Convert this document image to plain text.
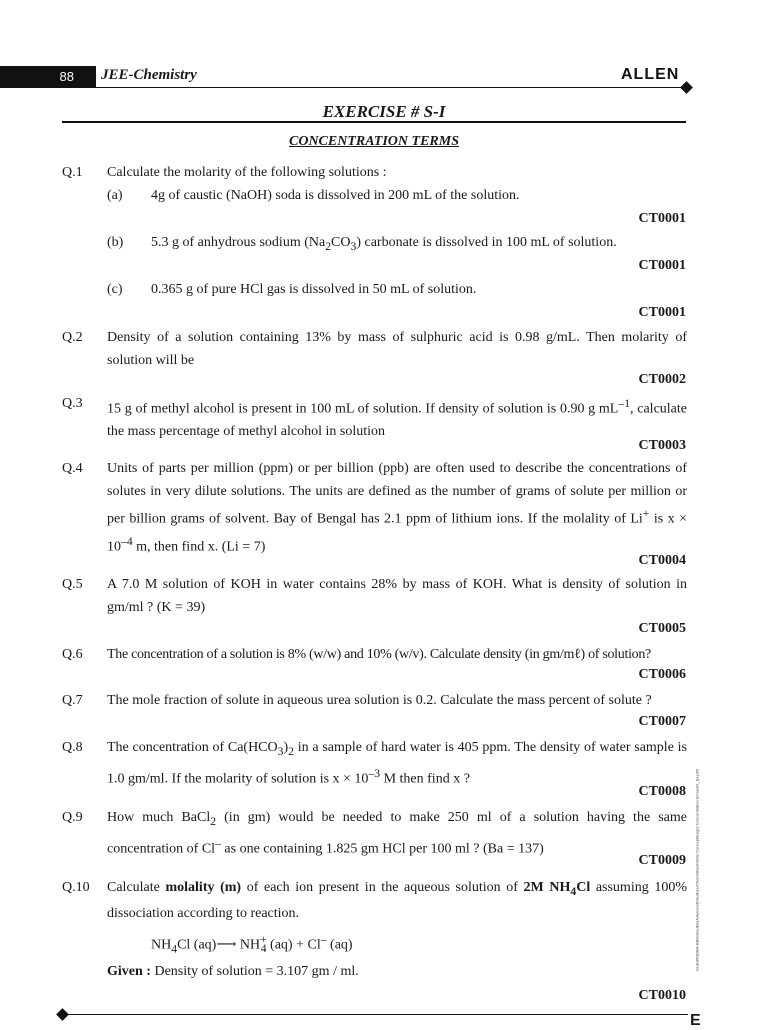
88	JEE-Chemistry	ALLEN
EXERCISE # S-I
CONCENTRATION TERMS
Q.1 Calculate the molarity of the following solutions :
(a) 4g of caustic (NaOH) soda is dissolved in 200 mL of the solution.
CT0001
(b) 5.3 g of anhydrous sodium $(Na_2CO_3)$ carbonate is dissolved in 100 mL of solution.
CT0001
(c) 0.365 g of pure HCl gas is dissolved in 50 mL of solution.
CT0001
Q.2 Density of a solution containing 13% by mass of sulphuric acid is 0.98 g/mL. Then molarity of solution will be
CT0002
Q.3 15 g of methyl alcohol is present in 100 mL of solution. If density of solution is 0.90 g $mL^{-1}$, calculate the mass percentage of methyl alcohol in solution
CT0003
Q.4 Units of parts per million (ppm) or per billion (ppb) are often used to describe the concentrations of solutes in very dilute solutions. The units are defined as the number of grams of solute per million or per billion grams of solvent. Bay of Bengal has 2.1 ppm of lithium ions. If the molality of Li+ is $x \times 10^{-4}$ m, then find x. (Li = 7)
CT0004
Q.5 A 7.0 M solution of KOH in water contains 28% by mass of KOH. What is density of solution in gm/ml ? (K = 39)
CT0005
Q.6 The concentration of a solution is 8% (w/w) and 10% (w/v). Calculate density (in gm/mℓ) of solution?
CT0006
Q.7 The mole fraction of solute in aqueous urea solution is 0.2. Calculate the mass percent of solute ?
CT0007
Q.8 The concentration of $Ca(HCO_3)_2$ in a sample of hard water is 405 ppm. The density of water sample is 1.0 gm/ml. If the molarity of solution is $x \times 10^{-3}$ M then find x ?
CT0008
Q.9 How much BaCl$_2$ (in gm) would be needed to make 250 ml of a solution having the same concentration of Cl– as one containing 1.825 gm HCl per 100 ml ? (Ba = 137)
CT0009
Q.10 Calculate molality (m) of each ion present in the aqueous solution of 2M $NH_4Cl$ assuming 100% dissociation according to reaction.
$NH_4Cl$ (aq)⟶ $NH^+_4$ (aq) + Cl– (aq)
Given : Density of solution = 3.107 gm / ml.
CT0010
node06\B0BA-BB\Kota\JEE(Advanced)\Nurture\Chem\Sheet\Mole Concept\Eng\2 Concentration terms\02_Ex.p65
E
